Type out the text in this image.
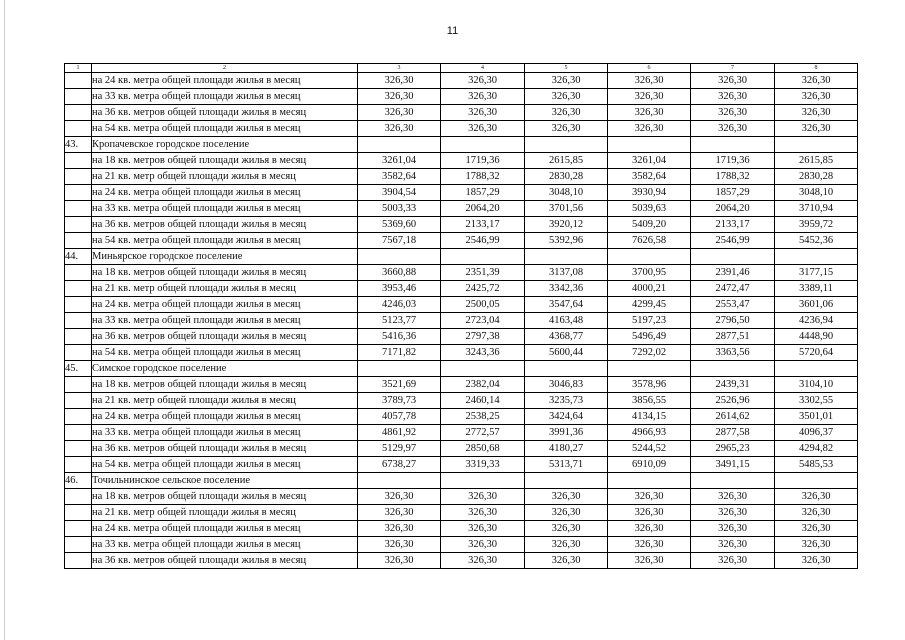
11
1	2	3	4	5	6	7	8
	на 24 кв. метра общей площади жилья в месяц	326,30	326,30	326,30	326,30	326,30	326,30
	на 33 кв. метра общей площади жилья в месяц	326,30	326,30	326,30	326,30	326,30	326,30
	на 36 кв. метров общей площади жилья в месяц	326,30	326,30	326,30	326,30	326,30	326,30
	на 54 кв. метра общей площади жилья в месяц	326,30	326,30	326,30	326,30	326,30	326,30
43.	Кропачевское городское поселение						
	на 18 кв. метров общей площади жилья в месяц	3261,04	1719,36	2615,85	3261,04	1719,36	2615,85
	на 21 кв. метр общей площади жилья в месяц	3582,64	1788,32	2830,28	3582,64	1788,32	2830,28
	на 24 кв. метра общей площади жилья в месяц	3904,54	1857,29	3048,10	3930,94	1857,29	3048,10
	на 33 кв. метра общей площади жилья в месяц	5003,33	2064,20	3701,56	5039,63	2064,20	3710,94
	на 36 кв. метров общей площади жилья в месяц	5369,60	2133,17	3920,12	5409,20	2133,17	3959,72
	на 54 кв. метра общей площади жилья в месяц	7567,18	2546,99	5392,96	7626,58	2546,99	5452,36
44.	Миньярское городское поселение						
	на 18 кв. метров общей площади жилья в месяц	3660,88	2351,39	3137,08	3700,95	2391,46	3177,15
	на 21 кв. метр общей площади жилья в месяц	3953,46	2425,72	3342,36	4000,21	2472,47	3389,11
	на 24 кв. метра общей площади жилья в месяц	4246,03	2500,05	3547,64	4299,45	2553,47	3601,06
	на 33 кв. метра общей площади жилья в месяц	5123,77	2723,04	4163,48	5197,23	2796,50	4236,94
	на 36 кв. метров общей площади жилья в месяц	5416,36	2797,38	4368,77	5496,49	2877,51	4448,90
	на 54 кв. метра общей площади жилья в месяц	7171,82	3243,36	5600,44	7292,02	3363,56	5720,64
45.	Симское городское поселение						
	на 18 кв. метров общей площади жилья в месяц	3521,69	2382,04	3046,83	3578,96	2439,31	3104,10
	на 21 кв. метр общей площади жилья в месяц	3789,73	2460,14	3235,73	3856,55	2526,96	3302,55
	на 24 кв. метра общей площади жилья в месяц	4057,78	2538,25	3424,64	4134,15	2614,62	3501,01
	на 33 кв. метра общей площади жилья в месяц	4861,92	2772,57	3991,36	4966,93	2877,58	4096,37
	на 36 кв. метров общей площади жилья в месяц	5129,97	2850,68	4180,27	5244,52	2965,23	4294,82
	на 54 кв. метра общей площади жилья в месяц	6738,27	3319,33	5313,71	6910,09	3491,15	5485,53
46.	Точильнинское сельское поселение						
	на 18 кв. метров общей площади жилья в месяц	326,30	326,30	326,30	326,30	326,30	326,30
	на 21 кв. метр общей площади жилья в месяц	326,30	326,30	326,30	326,30	326,30	326,30
	на 24 кв. метра общей площади жилья в месяц	326,30	326,30	326,30	326,30	326,30	326,30
	на 33 кв. метра общей площади жилья в месяц	326,30	326,30	326,30	326,30	326,30	326,30
	на 36 кв. метров общей площади жилья в месяц	326,30	326,30	326,30	326,30	326,30	326,30
